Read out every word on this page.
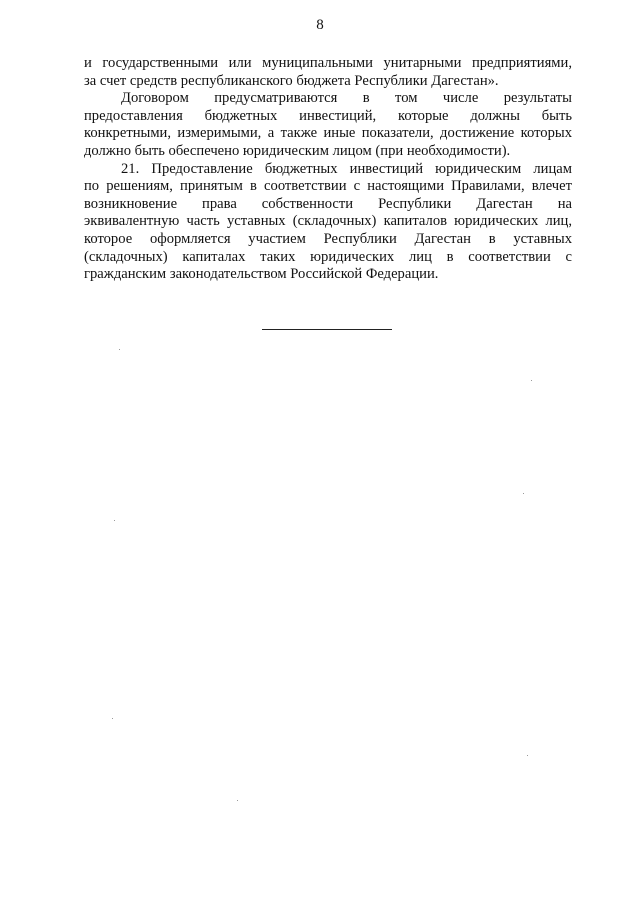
8

и государственными или муниципальными унитарными предприятиями,
за счет средств республиканского бюджета Республики Дагестан».

Договором предусматриваются в том числе результаты
предоставления бюджетных инвестиций, которые должны быть
конкретными, измеримыми, а также иные показатели, достижение которых
должно быть обеспечено юридическим лицом (при необходимости).

21. Предоставление бюджетных инвестиций юридическим лицам
по решениям, принятым в соответствии с настоящими Правилами, влечет
возникновение права собственности Республики Дагестан на
эквивалентную часть уставных (складочных) капиталов юридических лиц,
которое оформляется участием Республики Дагестан в уставных
(складочных) капиталах таких юридических лиц в соответствии с
гражданским законодательством Российской Федерации.
